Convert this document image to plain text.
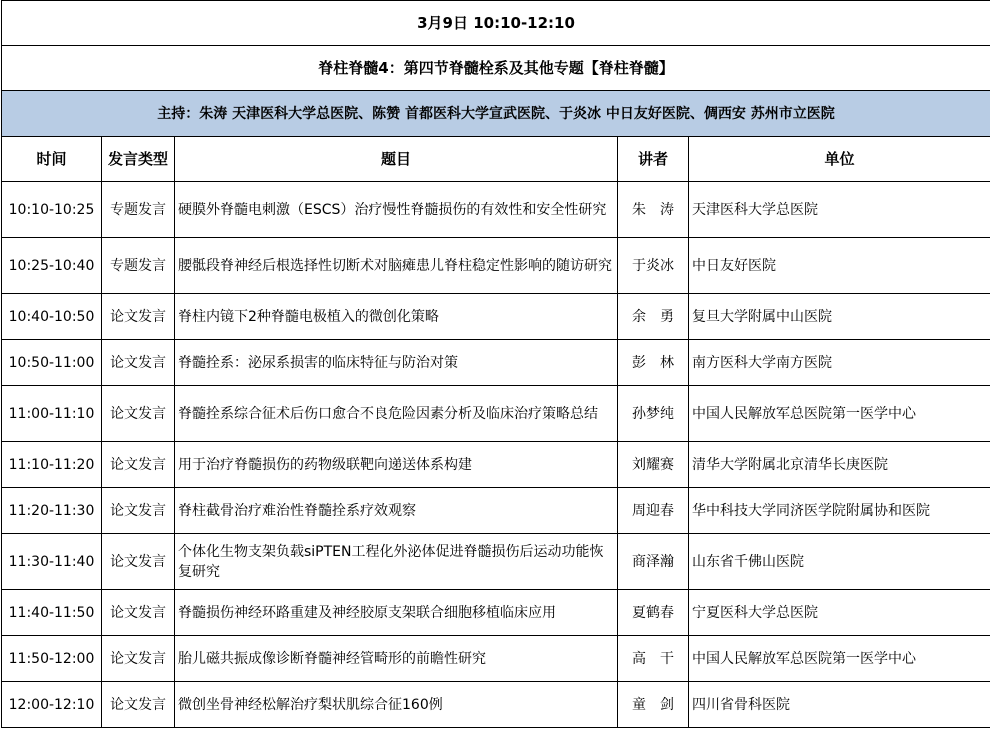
3月9日 10:10-12:10				
脊柱脊髓4：第四节脊髓栓系及其他专题【脊柱脊髓】				
主持：朱涛 天津医科大学总医院、陈赞 首都医科大学宣武医院、于炎冰 中日友好医院、倜西安 苏州市立医院				
时间	发言类型	题目	讲者	单位
10:10-10:25	专题发言	硬膜外脊髓电刺激（ESCS）治疗慢性脊髓损伤的有效性和安全性研究	朱　涛	天津医科大学总医院
10:25-10:40	专题发言	腰骶段脊神经后根选择性切断术对脑瘫患儿脊柱稳定性影响的随访研究	于炎冰	中日友好医院
10:40-10:50	论文发言	脊柱内镜下2种脊髓电极植入的微创化策略	余　勇	复旦大学附属中山医院
10:50-11:00	论文发言	脊髓拴系：泌尿系损害的临床特征与防治对策	彭　林	南方医科大学南方医院
11:00-11:10	论文发言	脊髓拴系综合征术后伤口愈合不良危险因素分析及临床治疗策略总结	孙梦纯	中国人民解放军总医院第一医学中心
11:10-11:20	论文发言	用于治疗脊髓损伤的药物级联靶向递送体系构建	刘耀赛	清华大学附属北京清华长庚医院
11:20-11:30	论文发言	脊柱截骨治疗难治性脊髓拴系疗效观察	周迎春	华中科技大学同济医学院附属协和医院
11:30-11:40	论文发言	个体化生物支架负载siPTEN工程化外泌体促进脊髓损伤后运动功能恢复研究	商泽瀚	山东省千佛山医院
11:40-11:50	论文发言	脊髓损伤神经环路重建及神经胶原支架联合细胞移植临床应用	夏鹤春	宁夏医科大学总医院
11:50-12:00	论文发言	胎儿磁共振成像诊断脊髓神经管畸形的前瞻性研究	高　干	中国人民解放军总医院第一医学中心
12:00-12:10	论文发言	微创坐骨神经松解治疗梨状肌综合征160例	童　剑	四川省骨科医院
